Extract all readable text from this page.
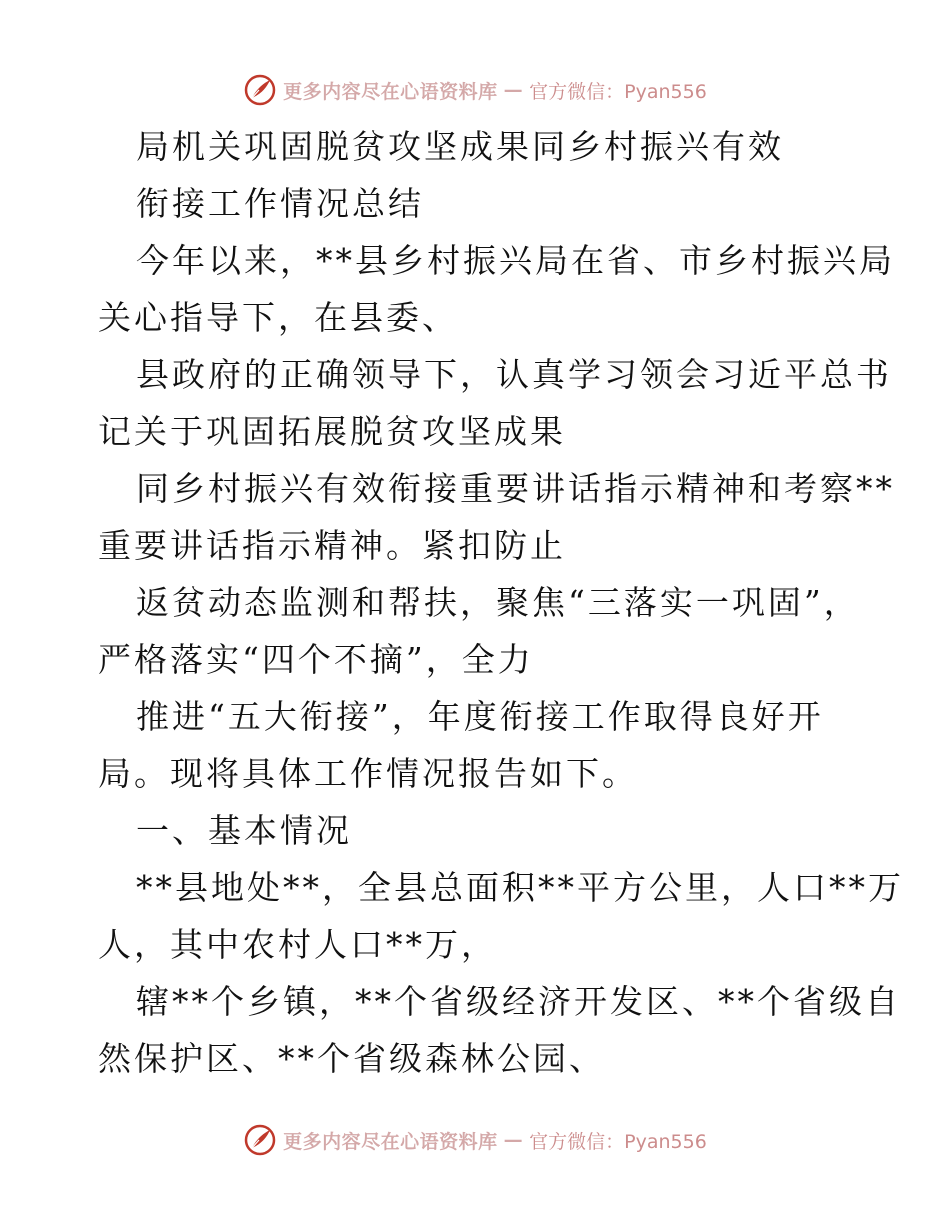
更多内容尽在心语资料库 — 官方微信：Pyan556
局机关巩固脱贫攻坚成果同乡村振兴有效
衔接工作情况总结
今年以来，**县乡村振兴局在省、市乡村振兴局
关心指导下，在县委、
县政府的正确领导下，认真学习领会习近平总书
记关于巩固拓展脱贫攻坚成果
同乡村振兴有效衔接重要讲话指示精神和考察**
重要讲话指示精神。紧扣防止
返贫动态监测和帮扶，聚焦“三落实一巩固”，
严格落实“四个不摘”，全力
推进“五大衔接”，年度衔接工作取得良好开
局。现将具体工作情况报告如下。
一、基本情况
**县地处**，全县总面积**平方公里，人口**万
人，其中农村人口**万，
辖**个乡镇，**个省级经济开发区、**个省级自
然保护区、**个省级森林公园、
更多内容尽在心语资料库 — 官方微信：Pyan556
